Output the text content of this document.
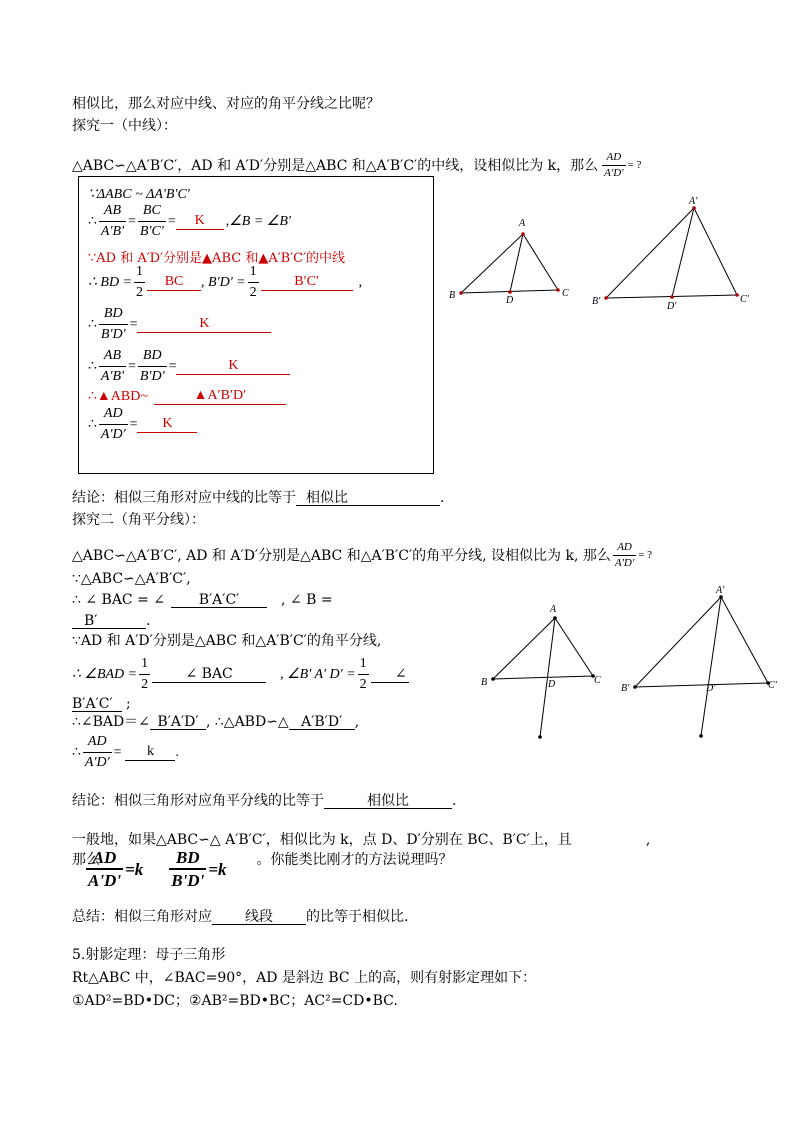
相似比，那么对应中线、对应的角平分线之比呢？
探究一（中线）：
△ABC∽△A′B′C′，AD 和 A′D′分别是△ABC 和△A′B′C′的中线，设相似比为 k，那么 $\frac{AD}{A'D'}$ = ?
∵ΔABC ~ ΔA'B'C'
∴ $\frac{AB}{A'B'} = \frac{BC}{B'C'}$ =	K	, ∠B = ∠B'
∵AD 和 A′D′分别是▲ABC 和▲A′B′C′的中线
∴ BD = $\frac{1}{2}$	BC	, $B'D' = \frac{1}{2}$	B′C′	,
∴ $\frac{BD}{B'D'}$ =	K
∴ $\frac{AB}{A'B'} = \frac{BD}{B'D'}$ =	K
∴▲ABD~	▲A′B′D′
∴ $\frac{AD}{A'D'}$ =	K
A
B	D
C
A'
B'	D'
C'
结论：相似三角形对应中线的比等于 相似比	.
探究二（角平分线）：
△ABC∽△A′B′C′, AD 和 A′D′分别是△ABC 和△A′B′C′的角平分线, 设相似比为 k, 那么 $\frac{AD}{A'D'}$ = ?
∵△ABC∽△A′B′C′,
∴ ∠ BAC = ∠ B′A′C′	, ∠ B =
B′	.
∵AD 和 A′D′分别是△ABC 和△A′B′C′的角平分线,
∴ ∠BAD = $\frac{1}{2}$	∠ BAC	, ∠B' A' $D' = \frac{1}{2}$	∠
B′A′C′ ;
∴∠BAD＝∠ B′A′D′ , ∴△ABD∽△ A′B′D′ ,
∴ $\frac{AD}{A'D'}$ =	k	.
A
B	D	C
A'
B'	D'	C'
结论：相似三角形对应角平分线的比等于	相似比	.
一般地，如果△ABC∽△ A′B′C′，相似比为 k，点 D、D′分别在 BC、B′C′上，且	,
那么
$\frac{AD}{A'D'} =k \frac{BD}{B'D'} =k$ 。你能类比刚才的方法说理吗？
总结：相似三角形对应 线段 的比等于相似比.
5.射影定理：母子三角形
Rt△ABC 中，∠BAC=90°，AD 是斜边 BC 上的高，则有射影定理如下：
①AD²=BD•DC；②AB²=BD•BC；AC²=CD•BC.
